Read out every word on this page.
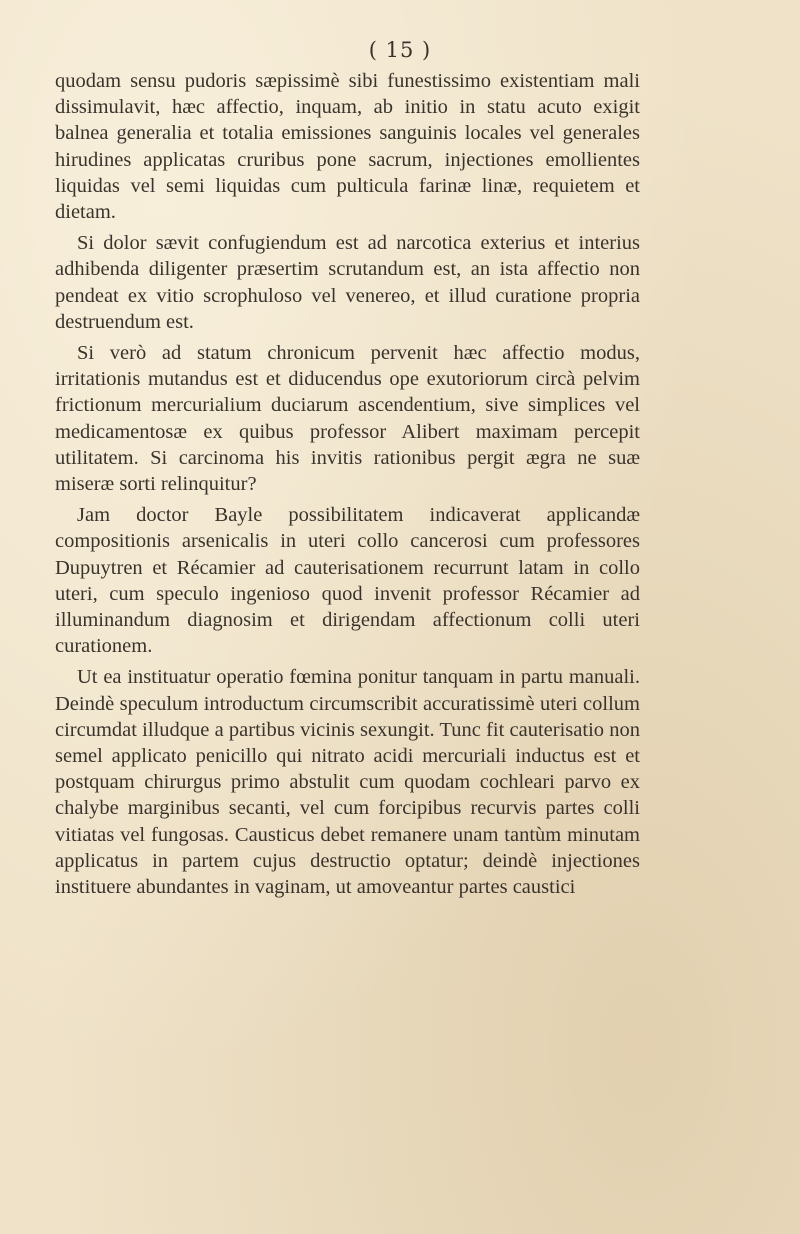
( 15 )

quodam sensu pudoris sæpissimè sibi funestissimo existentiam mali dissimulavit, hæc affectio, inquam, ab initio in statu acuto exigit balnea generalia et totalia emissiones sanguinis locales vel generales hirudines applicatas cruribus pone sacrum, injectiones emollientes liquidas vel semi liquidas cum pulticula farinæ linæ, requietem et dietam.

Si dolor sævit confugiendum est ad narcotica exterius et interius adhibenda diligenter præsertim scrutandum est, an ista affectio non pendeat ex vitio scrophuloso vel venereo, et illud curatione propria destruendum est.

Si verò ad statum chronicum pervenit hæc affectio modus, irritationis mutandus est et diducendus ope exutoriorum circà pelvim frictionum mercurialium duciarum ascendentium, sive simplices vel medicamentosæ ex quibus professor Alibert maximam percepit utilitatem. Si carcinoma his invitis rationibus pergit ægra ne suæ miseræ sorti relinquitur?

Jam doctor Bayle possibilitatem indicaverat applicandæ compositionis arsenicalis in uteri collo cancerosi cum professores Dupuytren et Récamier ad cauterisationem recurrunt latam in collo uteri, cum speculo ingenioso quod invenit professor Récamier ad illuminandum diagnosim et dirigendam affectionum colli uteri curationem.

Ut ea instituatur operatio fœmina ponitur tanquam in partu manuali. Deindè speculum introductum circumscribit accuratissimè uteri collum circumdat illudque a partibus vicinis sexungit. Tunc fit cauterisatio non semel applicato penicillo qui nitrato acidi mercuriali inductus est et postquam chirurgus primo abstulit cum quodam cochleari parvo ex chalybe marginibus secanti, vel cum forcipibus recurvis partes colli vitiatas vel fungosas. Causticus debet remanere unam tantùm minutam applicatus in partem cujus destructio optatur; deindè injectiones instituere abundantes in vaginam, ut amoveantur partes caustici
